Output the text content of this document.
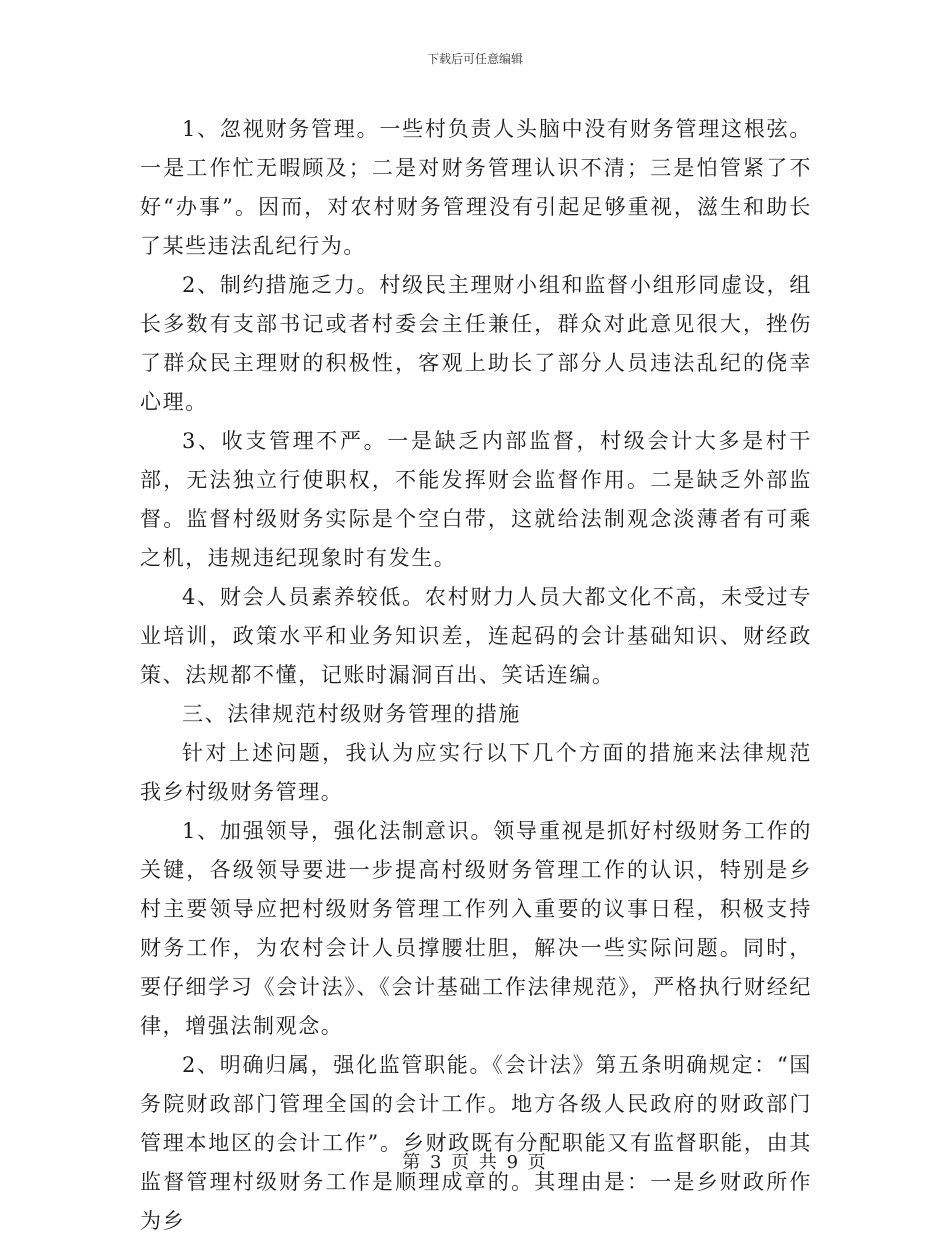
下载后可任意编辑

1、忽视财务管理。一些村负责人头脑中没有财务管理这根弦。一是工作忙无暇顾及；二是对财务管理认识不清；三是怕管紧了不好“办事”。因而，对农村财务管理没有引起足够重视，滋生和助长了某些违法乱纪行为。

2、制约措施乏力。村级民主理财小组和监督小组形同虚设，组长多数有支部书记或者村委会主任兼任，群众对此意见很大，挫伤了群众民主理财的积极性，客观上助长了部分人员违法乱纪的侥幸心理。

3、收支管理不严。一是缺乏内部监督，村级会计大多是村干部，无法独立行使职权，不能发挥财会监督作用。二是缺乏外部监督。监督村级财务实际是个空白带，这就给法制观念淡薄者有可乘之机，违规违纪现象时有发生。

4、财会人员素养较低。农村财力人员大都文化不高，未受过专业培训，政策水平和业务知识差，连起码的会计基础知识、财经政策、法规都不懂，记账时漏洞百出、笑话连编。

三、法律规范村级财务管理的措施

针对上述问题，我认为应实行以下几个方面的措施来法律规范我乡村级财务管理。

1、加强领导，强化法制意识。领导重视是抓好村级财务工作的关键，各级领导要进一步提高村级财务管理工作的认识，特别是乡村主要领导应把村级财务管理工作列入重要的议事日程，积极支持财务工作，为农村会计人员撑腰壮胆，解决一些实际问题。同时，要仔细学习《会计法》、《会计基础工作法律规范》，严格执行财经纪律，增强法制观念。

2、明确归属，强化监管职能。《会计法》第五条明确规定：“国务院财政部门管理全国的会计工作。地方各级人民政府的财政部门管理本地区的会计工作”。乡财政既有分配职能又有监督职能，由其监督管理村级财务工作是顺理成章的。其理由是：一是乡财政所作为乡

第 3 页 共 9 页
